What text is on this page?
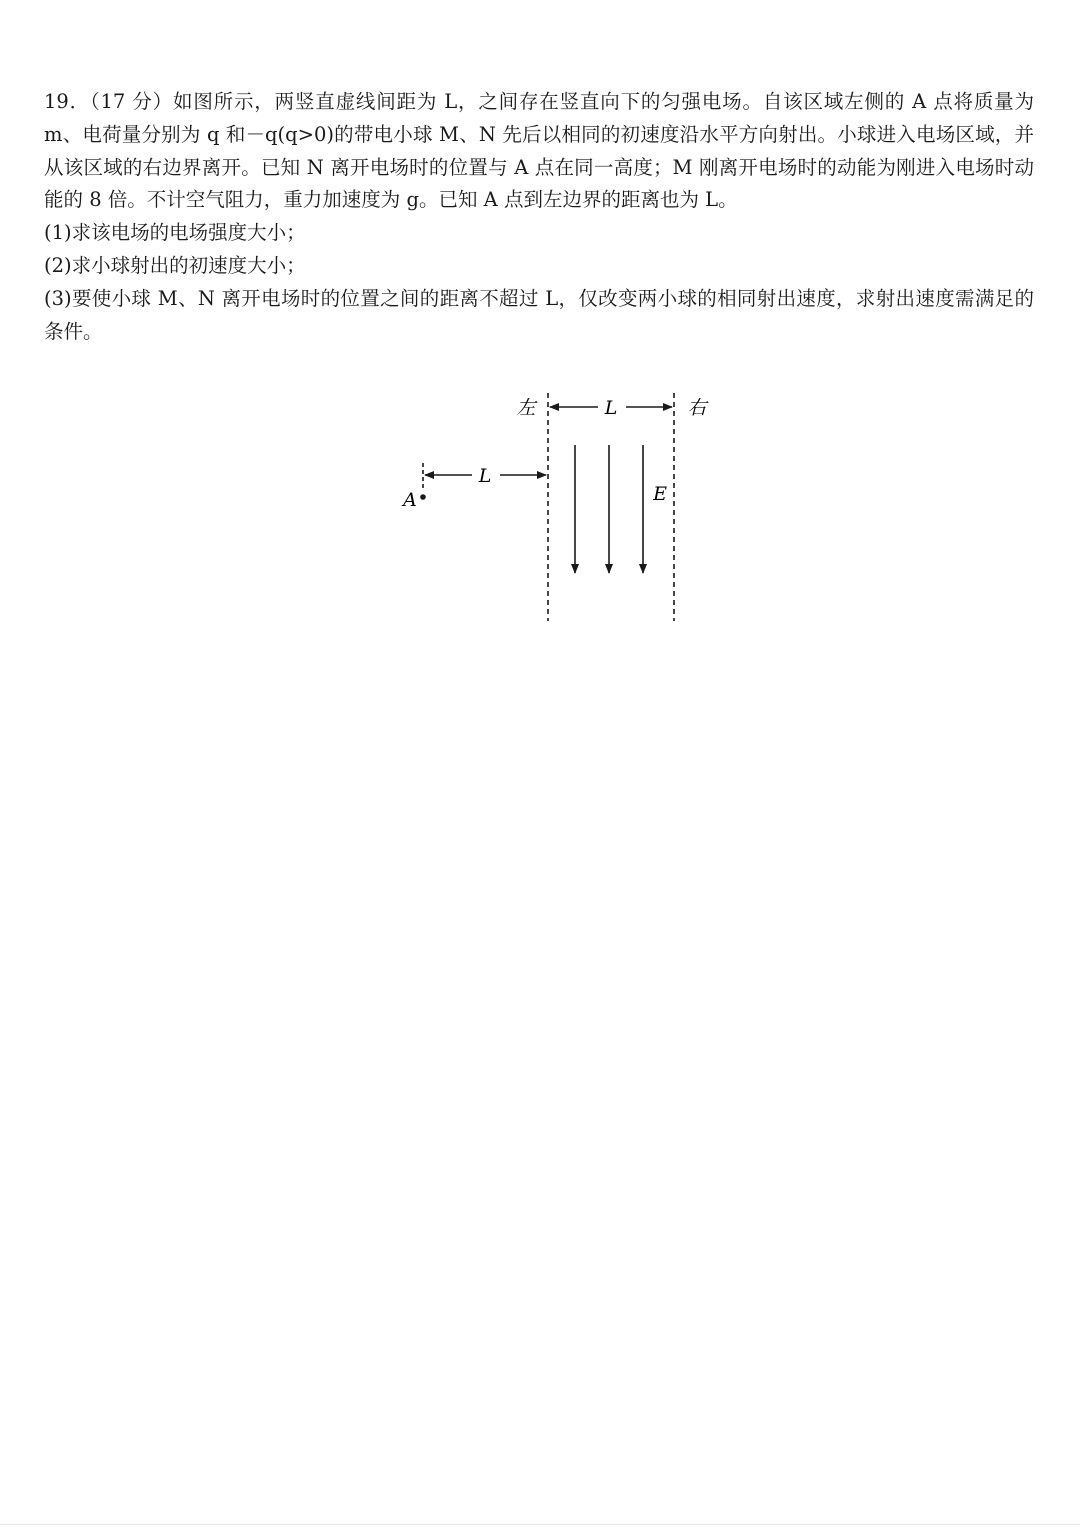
19．（17 分）如图所示，两竖直虚线间距为 L，之间存在竖直向下的匀强电场。自该区域左侧的 A 点将质量为 m、电荷量分别为 q 和－q(q>0)的带电小球 M、N 先后以相同的初速度沿水平方向射出。小球进入电场区域，并从该区域的右边界离开。已知 N 离开电场时的位置与 A 点在同一高度；M 刚离开电场时的动能为刚进入电场时动能的 8 倍。不计空气阻力，重力加速度为 g。已知 A 点到左边界的距离也为 L。

(1)求该电场的电场强度大小；

(2)求小球射出的初速度大小；

(3)要使小球 M、N 离开电场时的位置之间的距离不超过 L，仅改变两小球的相同射出速度，求射出速度需满足的条件。

左	L	右
L
A	E
